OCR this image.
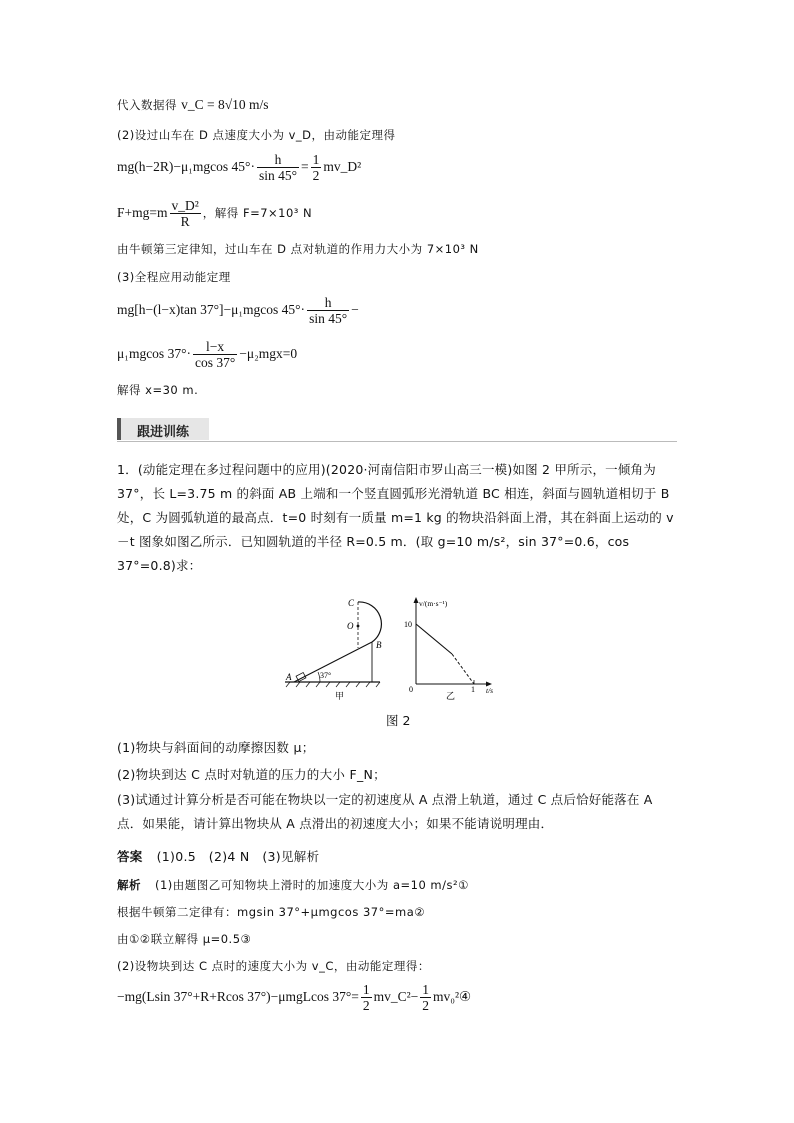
代入数据得 v_C = 8√10 m/s
(2)设过山车在 D 点速度大小为 v_D，由动能定理得
mg(h−2R)−μ₁mgcos $45^\circ\cdot \frac{h}{\sin 45^\circ} = \frac{1}{2}$ mv_D²
$F+mg=m \frac{\text{v\_D²}}{R}$ ，解得 F=7×10³ N
由牛顿第三定律知，过山车在 D 点对轨道的作用力大小为 7×10³ N
(3)全程应用动能定理
mg[h−(l−x)tan 37°]−μ₁mgcos $45^\circ\cdot \frac{h}{\sin 45^\circ}$ −
μ₁mgcos $37^\circ\cdot \frac{l-x}{\cos 37^\circ} -\mu_2mgx=0$
解得 x=30 m.
跟进训练
1．(动能定理在多过程问题中的应用)(2020·河南信阳市罗山高三一模)如图 2 甲所示，一倾角为 37°，长 L=3.75 m 的斜面 AB 上端和一个竖直圆弧形光滑轨道 BC 相连，斜面与圆轨道相切于 B 处，C 为圆弧轨道的最高点．t=0 时刻有一质量 m=1 kg 的物块沿斜面上滑，其在斜面上运动的 v－t 图象如图乙所示．已知圆轨道的半径 R=0.5 m．(取 g=10 m/s²，sin 37°=0.6，cos 37°=0.8)求：
C
O
B
A	37°
甲
v/(m·s⁻¹)
10
0	1 t/s
乙
图 2
(1)物块与斜面间的动摩擦因数 μ；
(2)物块到达 C 点时对轨道的压力的大小 F_N；
(3)试通过计算分析是否可能在物块以一定的初速度从 A 点滑上轨道，通过 C 点后恰好能落在 A 点．如果能，请计算出物块从 A 点滑出的初速度大小；如果不能请说明理由．
答案 (1)0.5　(2)4 N　(3)见解析
解析 (1)由题图乙可知物块上滑时的加速度大小为 a=10 m/s²①
根据牛顿第二定律有：mgsin 37°+μmgcos 37°=ma②
由①②联立解得 μ=0.5③
(2)设物块到达 C 点时的速度大小为 v_C，由动能定理得：
−mg(Lsin 37°+R+Rcos 37°)−μmgLcos $37^\circ= \frac{1}{2}$ mv_C²− $\frac{1}{2}$ mv₀²④
